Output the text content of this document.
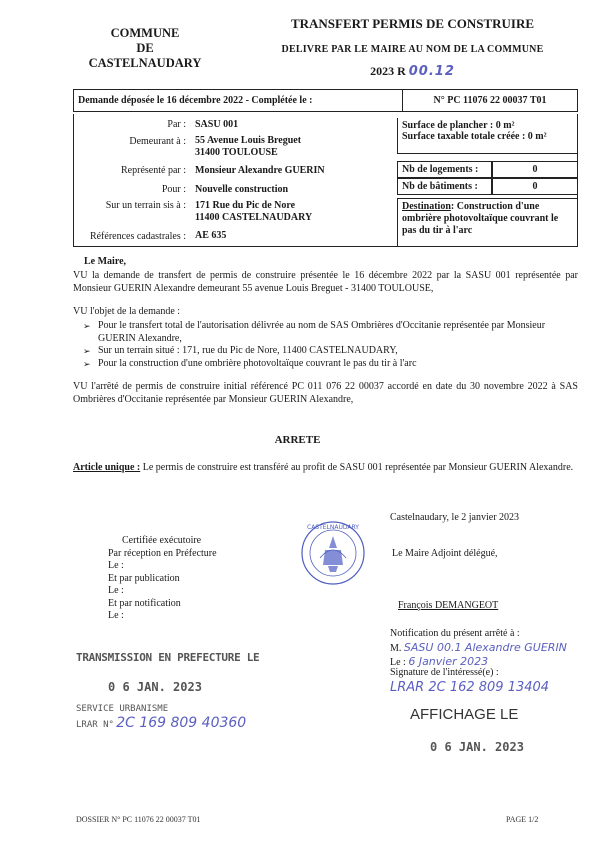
COMMUNE
DE
CASTELNAUDARY
TRANSFERT PERMIS DE CONSTRUIRE
DELIVRE PAR LE MAIRE AU NOM DE LA COMMUNE
2023 R 00.12
Demande déposée le 16 décembre 2022 - Complétée le :	N° PC 11076 22 00037 T01
Par : SASU 001
Demeurant à : 55 Avenue Louis Breguet
31400 TOULOUSE
Représenté par : Monsieur Alexandre GUERIN
Pour : Nouvelle construction
Sur un terrain sis à : 171 Rue du Pic de Nore
11400 CASTELNAUDARY
Références cadastrales : AE 635
Surface de plancher : 0 m²
Surface taxable totale créée : 0 m²
Nb de logements :	0
Nb de bâtiments :	0
Destination: Construction d'une ombrière photovoltaïque couvrant le pas du tir à l'arc
Le Maire,
VU la demande de transfert de permis de construire présentée le 16 décembre 2022 par la SASU 001 représentée par Monsieur GUERIN Alexandre demeurant 55 avenue Louis Breguet - 31400 TOULOUSE,
VU l'objet de la demande :
➢ Pour le transfert total de l'autorisation délivrée au nom de SAS Ombrières d'Occitanie représentée par Monsieur GUERIN Alexandre,
➢ Sur un terrain situé : 171, rue du Pic de Nore, 11400 CASTELNAUDARY,
➢ Pour la construction d'une ombrière photovoltaïque couvrant le pas du tir à l'arc
VU l'arrêté de permis de construire initial référencé PC 011 076 22 00037 accordé en date du 30 novembre 2022 à SAS Ombrières d'Occitanie représentée par Monsieur GUERIN Alexandre,
ARRETE
Article unique : Le permis de construire est transféré au profit de SASU 001 représentée par Monsieur GUERIN Alexandre.
Castelnaudary, le 2 janvier 2023
Le Maire Adjoint délégué,
François DEMANGEOT
CASTELNAUDARY
Certifiée exécutoire
Par réception en Préfecture
Le :
Et par publication
Le :
Et par notification
Le :
TRANSMISSION EN PREFECTURE LE
0 6 JAN. 2023
SERVICE URBANISME
LRAR N° 2C 169 809 40360	AFFICHAGE LE
0 6 JAN. 2023
Notification du présent arrêté à :
M. SASU 00.1 Alexandre GUERIN
Le : 6 Janvier 2023
Signature de l'intéressé(e) :
LRAR 2C 162 809 13404
DOSSIER N° PC 11076 22 00037 T01	PAGE 1/2
